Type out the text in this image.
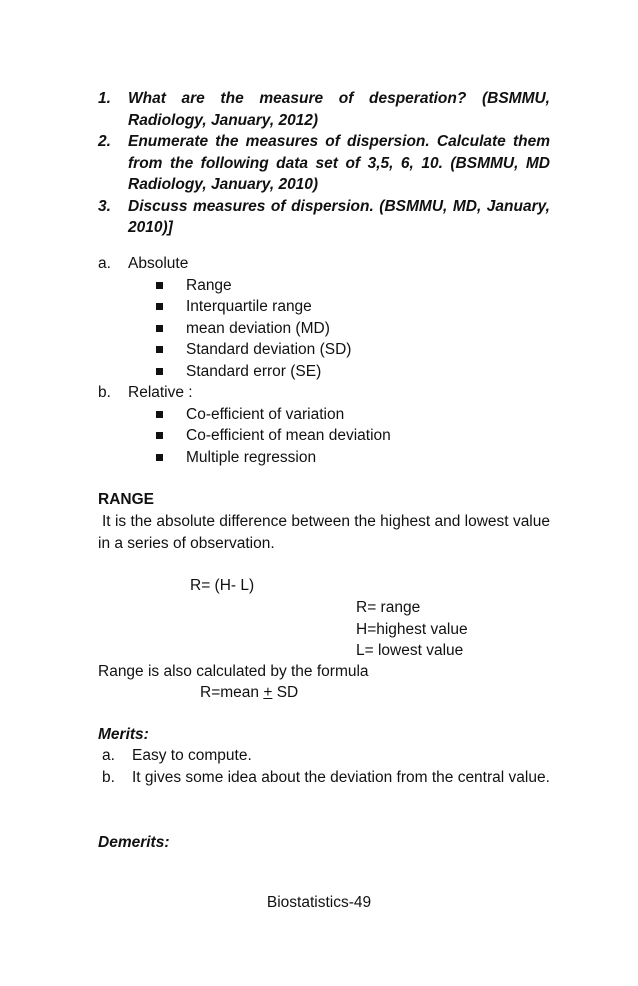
1. What are the measure of desperation? (BSMMU, Radiology, January, 2012)
2. Enumerate the measures of dispersion. Calculate them from the following data set of 3,5, 6, 10. (BSMMU, MD Radiology, January, 2010)
3. Discuss measures of dispersion. (BSMMU, MD, January, 2010)]
a. Absolute
Range
Interquartile range
mean deviation (MD)
Standard deviation (SD)
Standard error (SE)
b. Relative :
Co-efficient of variation
Co-efficient of mean deviation
Multiple regression
RANGE
It is the absolute difference between the highest and lowest value in a series of observation.
R= (H- L)
R= range
H=highest value
L= lowest value
Range is also calculated by the formula
R=mean + SD
Merits:
a. Easy to compute.
b. It gives some idea about the deviation from the central value.
Demerits:
Biostatistics-49
